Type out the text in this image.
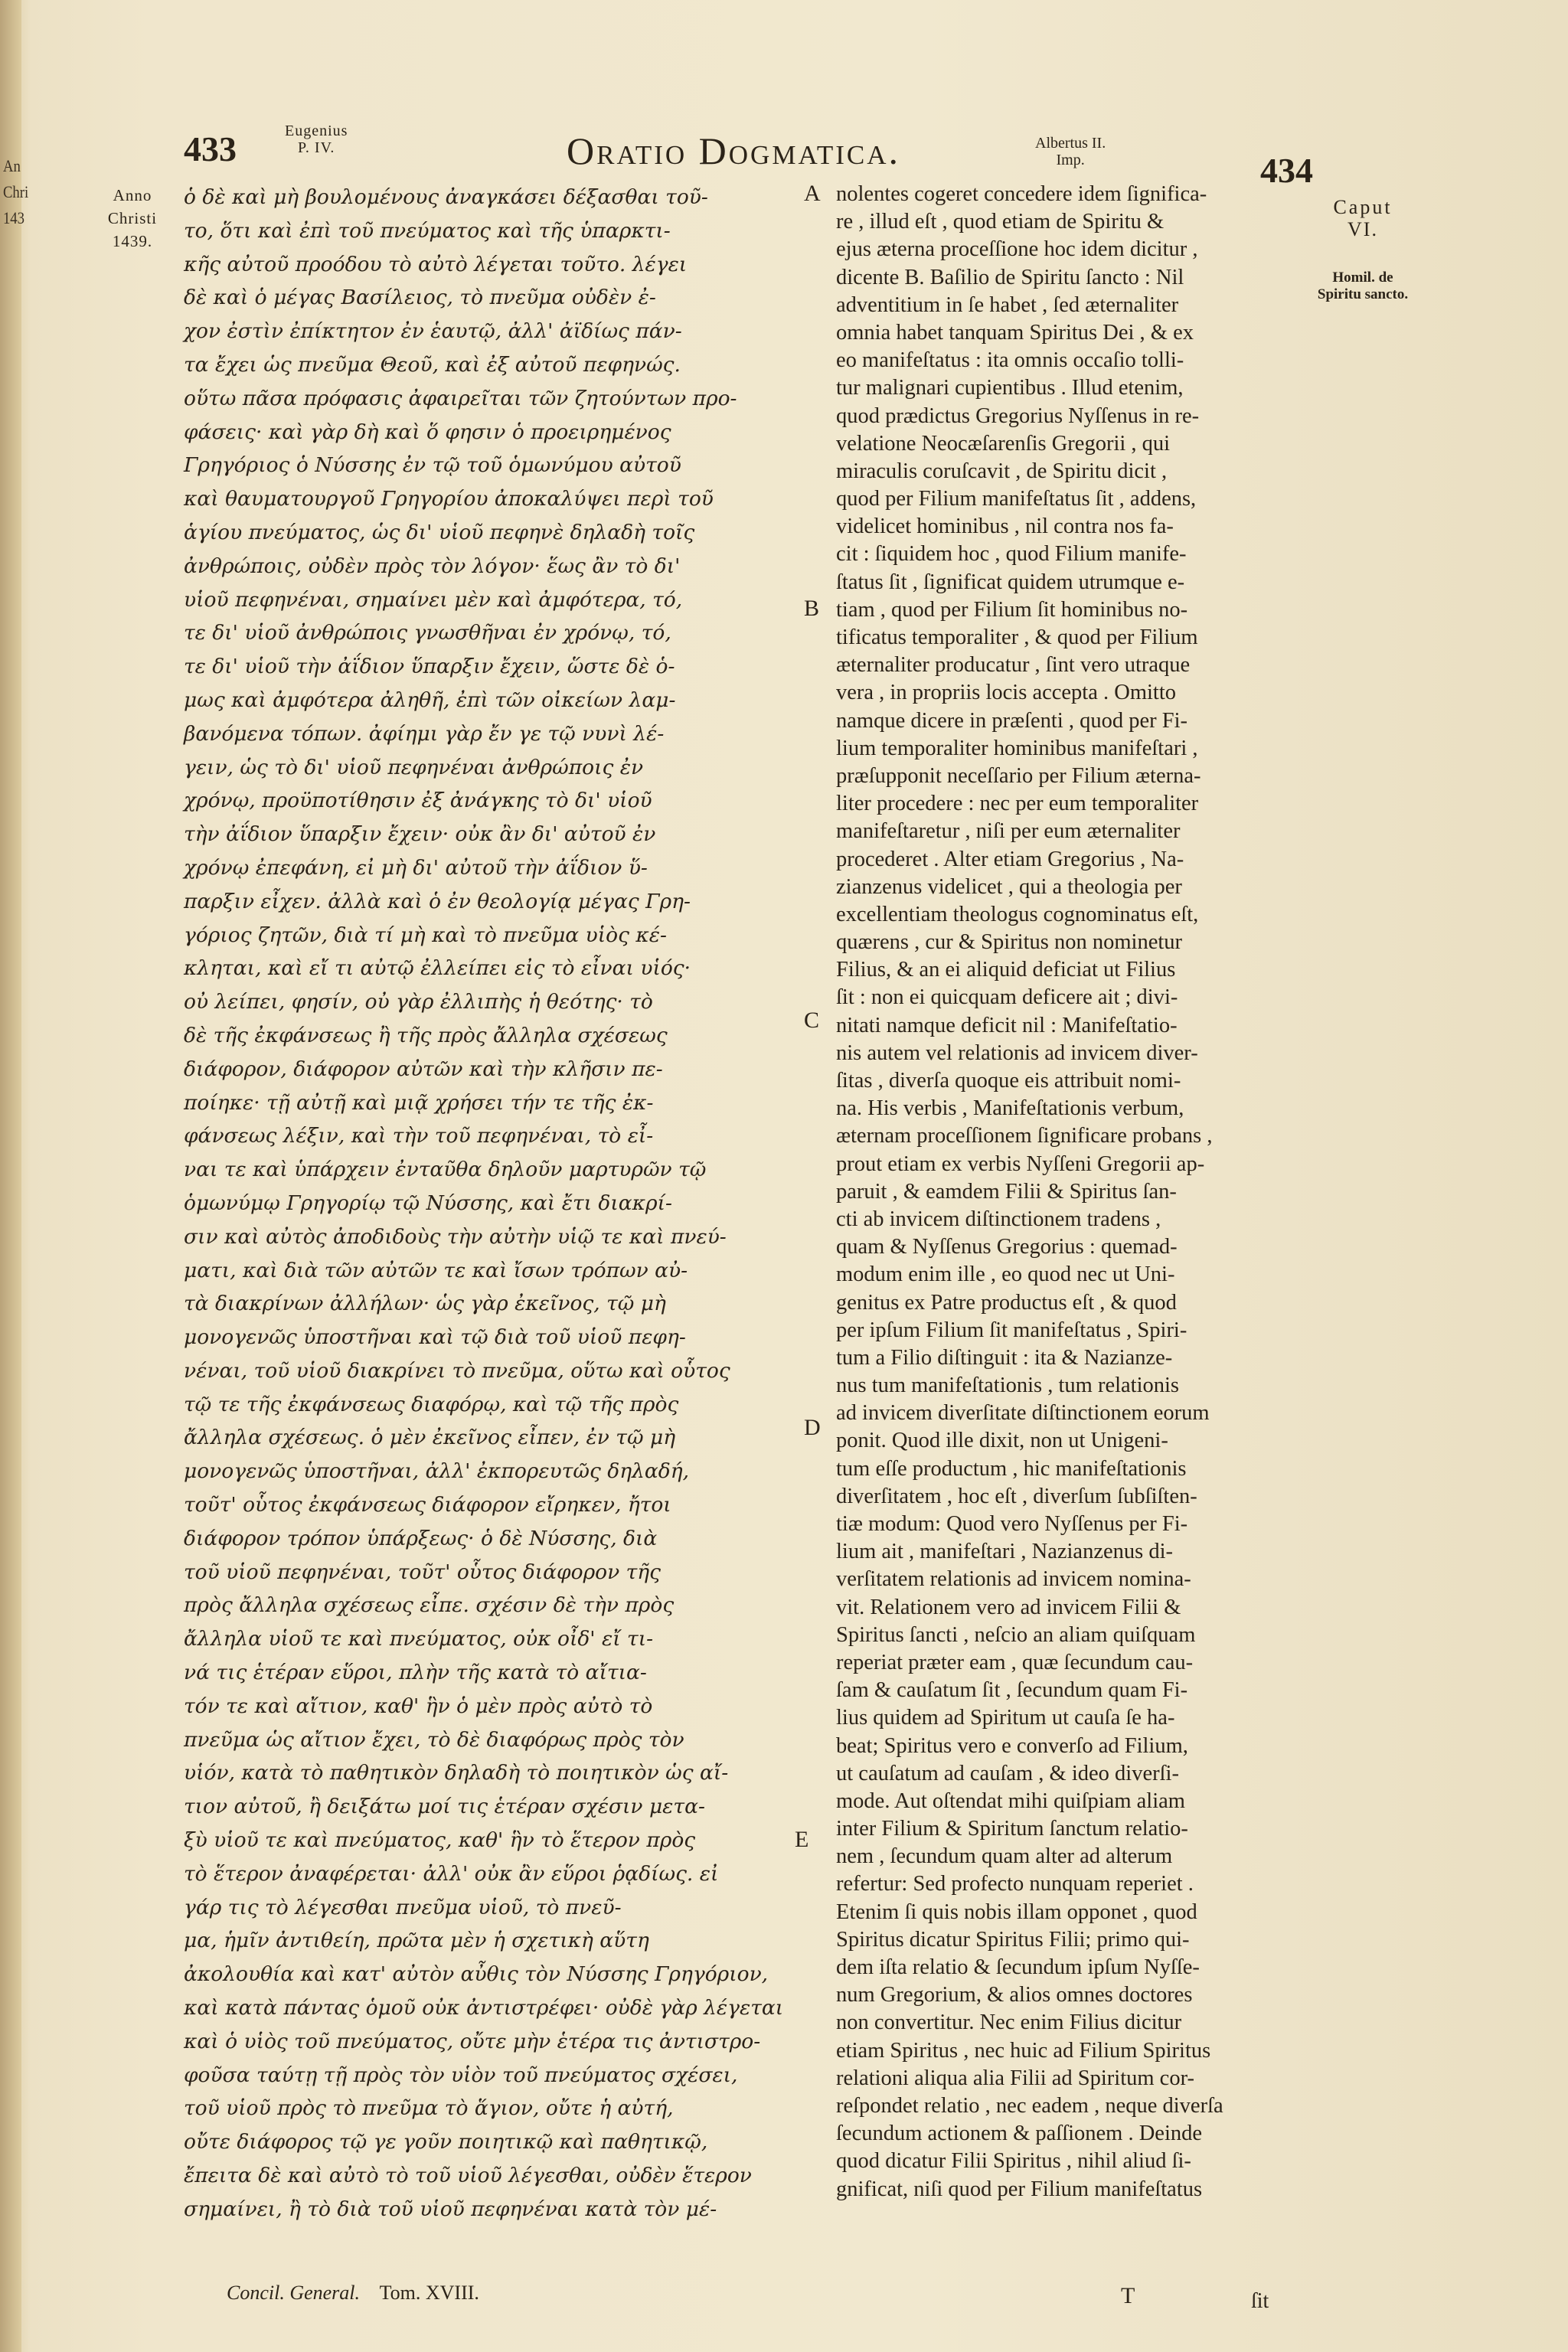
An
Chri
143
433	Eugenius
P. IV.	Oratio Dogmatica.	Albertus II.
Imp.	434
Anno
Christi
1439.
Caput
VI.
Homil. de
Spiritu sancto.
ὁ δὲ καὶ μὴ βουλομένους ἀναγκάσει δέξασθαι τοῦ-
το, ὅτι καὶ ἐπὶ τοῦ πνεύματος καὶ τῆς ὑπαρκτι-
κῆς αὐτοῦ προόδου τὸ αὐτὸ λέγεται τοῦτο. λέγει
δὲ καὶ ὁ μέγας Βασίλειος, τὸ πνεῦμα οὐδὲν ἐ-
χον ἐστὶν ἐπίκτητον ἐν ἑαυτῷ, ἀλλ' ἀϊδίως πάν-
τα ἔχει ὡς πνεῦμα Θεοῦ, καὶ ἐξ αὐτοῦ πεφηνώς.
οὕτω πᾶσα πρόφασις ἀφαιρεῖται τῶν ζητούντων προ-
φάσεις· καὶ γὰρ δὴ καὶ ὅ φησιν ὁ προειρημένος
Γρηγόριος ὁ Νύσσης ἐν τῷ τοῦ ὁμωνύμου αὐτοῦ
καὶ θαυματουργοῦ Γρηγορίου ἀποκαλύψει περὶ τοῦ
ἁγίου πνεύματος, ὡς δι' υἱοῦ πεφηνὲ δηλαδὴ τοῖς
ἀνθρώποις, οὐδὲν πρὸς τὸν λόγον· ἕως ἂν τὸ δι'
υἱοῦ πεφηνέναι, σημαίνει μὲν καὶ ἀμφότερα, τό,
τε δι' υἱοῦ ἀνθρώποις γνωσθῆναι ἐν χρόνῳ, τό,
τε δι' υἱοῦ τὴν ἀΐδιον ὕπαρξιν ἔχειν, ὥστε δὲ ὁ-
μως καὶ ἀμφότερα ἀληθῆ, ἐπὶ τῶν οἰκείων λαμ-
βανόμενα τόπων. ἀφίημι γὰρ ἔν γε τῷ νυνὶ λέ-
γειν, ὡς τὸ δι' υἱοῦ πεφηνέναι ἀνθρώποις ἐν
χρόνῳ, προϋποτίθησιν ἐξ ἀνάγκης τὸ δι' υἱοῦ
τὴν ἀΐδιον ὕπαρξιν ἔχειν· οὐκ ἂν δι' αὐτοῦ ἐν
χρόνῳ ἐπεφάνη, εἰ μὴ δι' αὐτοῦ τὴν ἀΐδιον ὕ-
παρξιν εἶχεν. ἀλλὰ καὶ ὁ ἐν θεολογίᾳ μέγας Γρη-
γόριος ζητῶν, διὰ τί μὴ καὶ τὸ πνεῦμα υἱὸς κέ-
κληται, καὶ εἴ τι αὐτῷ ἐλλείπει εἰς τὸ εἶναι υἱός·
οὐ λείπει, φησίν, οὐ γὰρ ἐλλιπὴς ἡ θεότης· τὸ
δὲ τῆς ἐκφάνσεως ἢ τῆς πρὸς ἄλληλα σχέσεως
διάφορον, διάφορον αὐτῶν καὶ τὴν κλῆσιν πε-
ποίηκε· τῇ αὐτῇ καὶ μιᾷ χρήσει τήν τε τῆς ἐκ-
φάνσεως λέξιν, καὶ τὴν τοῦ πεφηνέναι, τὸ εἶ-
ναι τε καὶ ὑπάρχειν ἐνταῦθα δηλοῦν μαρτυρῶν τῷ
ὁμωνύμῳ Γρηγορίῳ τῷ Νύσσης, καὶ ἔτι διακρί-
σιν καὶ αὐτὸς ἀποδιδοὺς τὴν αὐτὴν υἱῷ τε καὶ πνεύ-
ματι, καὶ διὰ τῶν αὐτῶν τε καὶ ἴσων τρόπων αὐ-
τὰ διακρίνων ἀλλήλων· ὡς γὰρ ἐκεῖνος, τῷ μὴ
μονογενῶς ὑποστῆναι καὶ τῷ διὰ τοῦ υἱοῦ πεφη-
νέναι, τοῦ υἱοῦ διακρίνει τὸ πνεῦμα, οὕτω καὶ οὗτος
τῷ τε τῆς ἐκφάνσεως διαφόρῳ, καὶ τῷ τῆς πρὸς
ἄλληλα σχέσεως. ὁ μὲν ἐκεῖνος εἶπεν, ἐν τῷ μὴ
μονογενῶς ὑποστῆναι, ἀλλ' ἐκπορευτῶς δηλαδή,
τοῦτ' οὗτος ἐκφάνσεως διάφορον εἴρηκεν, ἤτοι
διάφορον τρόπον ὑπάρξεως· ὁ δὲ Νύσσης, διὰ
τοῦ υἱοῦ πεφηνέναι, τοῦτ' οὗτος διάφορον τῆς
πρὸς ἄλληλα σχέσεως εἶπε. σχέσιν δὲ τὴν πρὸς
ἄλληλα υἱοῦ τε καὶ πνεύματος, οὐκ οἶδ' εἴ τι-
νά τις ἑτέραν εὕροι, πλὴν τῆς κατὰ τὸ αἴτια-
τόν τε καὶ αἴτιον, καθ' ἣν ὁ μὲν πρὸς αὐτὸ τὸ
πνεῦμα ὡς αἴτιον ἔχει, τὸ δὲ διαφόρως πρὸς τὸν
υἱόν, κατὰ τὸ παθητικὸν δηλαδὴ τὸ ποιητικὸν ὡς αἴ-
τιον αὐτοῦ, ἢ δειξάτω μοί τις ἑτέραν σχέσιν μετα-
ξὺ υἱοῦ τε καὶ πνεύματος, καθ' ἣν τὸ ἕτερον πρὸς
τὸ ἕτερον ἀναφέρεται· ἀλλ' οὐκ ἂν εὕροι ῥᾳδίως. εἰ
γάρ τις τὸ λέγεσθαι πνεῦμα υἱοῦ, τὸ πνεῦ-
μα, ἡμῖν ἀντιθείη, πρῶτα μὲν ἡ σχετικὴ αὕτη
ἀκολουθία καὶ κατ' αὐτὸν αὖθις τὸν Νύσσης Γρηγόριον,
καὶ κατὰ πάντας ὁμοῦ οὐκ ἀντιστρέφει· οὐδὲ γὰρ λέγεται
καὶ ὁ υἱὸς τοῦ πνεύματος, οὔτε μὴν ἑτέρα τις ἀντιστρο-
φοῦσα ταύτῃ τῇ πρὸς τὸν υἱὸν τοῦ πνεύματος σχέσει,
τοῦ υἱοῦ πρὸς τὸ πνεῦμα τὸ ἅγιον, οὔτε ἡ αὐτή,
οὔτε διάφορος τῷ γε γοῦν ποιητικῷ καὶ παθητικῷ,
ἔπειτα δὲ καὶ αὐτὸ τὸ τοῦ υἱοῦ λέγεσθαι, οὐδὲν ἕτερον
σημαίνει, ἢ τὸ διὰ τοῦ υἱοῦ πεφηνέναι κατὰ τὸν μέ-
nolentes cogeret concedere idem ſignifica-
re , illud eſt , quod etiam de Spiritu &
ejus æterna proceſſione hoc idem dicitur ,
dicente B. Baſilio de Spiritu ſancto : Nil
adventitium in ſe habet , ſed æternaliter
omnia habet tanquam Spiritus Dei , & ex
eo manifeſtatus : ita omnis occaſio tolli-
tur malignari cupientibus . Illud etenim,
quod prædictus Gregorius Nyſſenus in re-
velatione Neocæſarenſis Gregorii , qui
miraculis coruſcavit , de Spiritu dicit ,
quod per Filium manifeſtatus ſit , addens,
videlicet hominibus , nil contra nos fa-
cit : ſiquidem hoc , quod Filium manife-
ſtatus ſit , ſignificat quidem utrumque e-
tiam , quod per Filium ſit hominibus no-
tificatus temporaliter , & quod per Filium
æternaliter producatur , ſint vero utraque
vera , in propriis locis accepta . Omitto
namque dicere in præſenti , quod per Fi-
lium temporaliter hominibus manifeſtari ,
præſupponit neceſſario per Filium æterna-
liter procedere : nec per eum temporaliter
manifeſtaretur , niſi per eum æternaliter
procederet . Alter etiam Gregorius , Na-
zianzenus videlicet , qui a theologia per
excellentiam theologus cognominatus eſt,
quærens , cur & Spiritus non nominetur
Filius, & an ei aliquid deficiat ut Filius
ſit : non ei quicquam deficere ait ; divi-
nitati namque deficit nil : Manifeſtatio-
nis autem vel relationis ad invicem diver-
ſitas , diverſa quoque eis attribuit nomi-
na. His verbis , Manifeſtationis verbum,
æternam proceſſionem ſignificare probans ,
prout etiam ex verbis Nyſſeni Gregorii ap-
paruit , & eamdem Filii & Spiritus ſan-
cti ab invicem diſtinctionem tradens ,
quam & Nyſſenus Gregorius : quemad-
modum enim ille , eo quod nec ut Uni-
genitus ex Patre productus eſt , & quod
per ipſum Filium ſit manifeſtatus , Spiri-
tum a Filio diſtinguit : ita & Nazianze-
nus tum manifeſtationis , tum relationis
ad invicem diverſitate diſtinctionem eorum
ponit. Quod ille dixit, non ut Unigeni-
tum eſſe productum , hic manifeſtationis
diverſitatem , hoc eſt , diverſum ſubſiſten-
tiæ modum: Quod vero Nyſſenus per Fi-
lium ait , manifeſtari , Nazianzenus di-
verſitatem relationis ad invicem nomina-
vit. Relationem vero ad invicem Filii &
Spiritus ſancti , neſcio an aliam quiſquam
reperiat præter eam , quæ ſecundum cau-
ſam & cauſatum ſit , ſecundum quam Fi-
lius quidem ad Spiritum ut cauſa ſe ha-
beat; Spiritus vero e converſo ad Filium,
ut cauſatum ad cauſam , & ideo diverſi-
mode. Aut oſtendat mihi quiſpiam aliam
inter Filium & Spiritum ſanctum relatio-
nem , ſecundum quam alter ad alterum
refertur: Sed profecto nunquam reperiet .
Etenim ſi quis nobis illam opponet , quod
Spiritus dicatur Spiritus Filii; primo qui-
dem iſta relatio & ſecundum ipſum Nyſſe-
num Gregorium, & alios omnes doctores
non convertitur. Nec enim Filius dicitur
etiam Spiritus , nec huic ad Filium Spiritus
relationi aliqua alia Filii ad Spiritum cor-
reſpondet relatio , nec eadem , neque diverſa
ſecundum actionem & paſſionem . Deinde
quod dicatur Filii Spiritus , nihil aliud ſi-
gnificat, niſi quod per Filium manifeſtatus
A
B
C
D
E
Concil. General. Tom. XVIII.	T	ſit
